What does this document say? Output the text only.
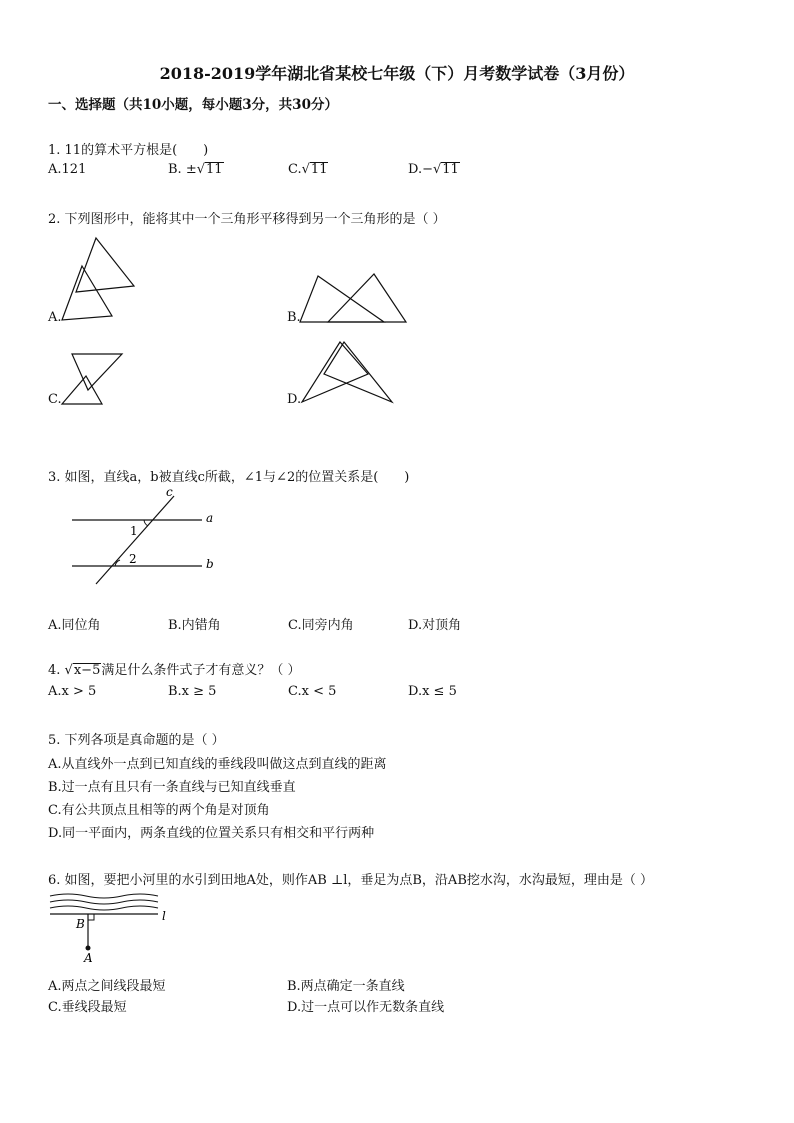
2018-2019学年湖北省某校七年级（下）月考数学试卷（3月份）
一、选择题（共10小题，每小题3分，共30分）
1. 11的算术平方根是(　　)
A.121	B. ±√11	C.√11	D.−√11
2. 下列图形中，能将其中一个三角形平移得到另一个三角形的是（ ）
A.	B.
C.	D.
3. 如图，直线a，b被直线c所截，∠1与∠2的位置关系是(　　)
c
a
b
1
2
A.同位角	B.内错角	C.同旁内角	D.对顶角
4. √x−5满足什么条件式子才有意义？（ ）
A.x > 5	B.x ≥ 5	C.x < 5	D.x ≤ 5
5. 下列各项是真命题的是（ ）
A.从直线外一点到已知直线的垂线段叫做这点到直线的距离
B.过一点有且只有一条直线与已知直线垂直
C.有公共顶点且相等的两个角是对顶角
D.同一平面内，两条直线的位置关系只有相交和平行两种
6. 如图，要把小河里的水引到田地A处，则作AB ⊥l，垂足为点B，沿AB挖水沟，水沟最短，理由是（ ）
B
A
l
A.两点之间线段最短	B.两点确定一条直线
C.垂线段最短	D.过一点可以作无数条直线
